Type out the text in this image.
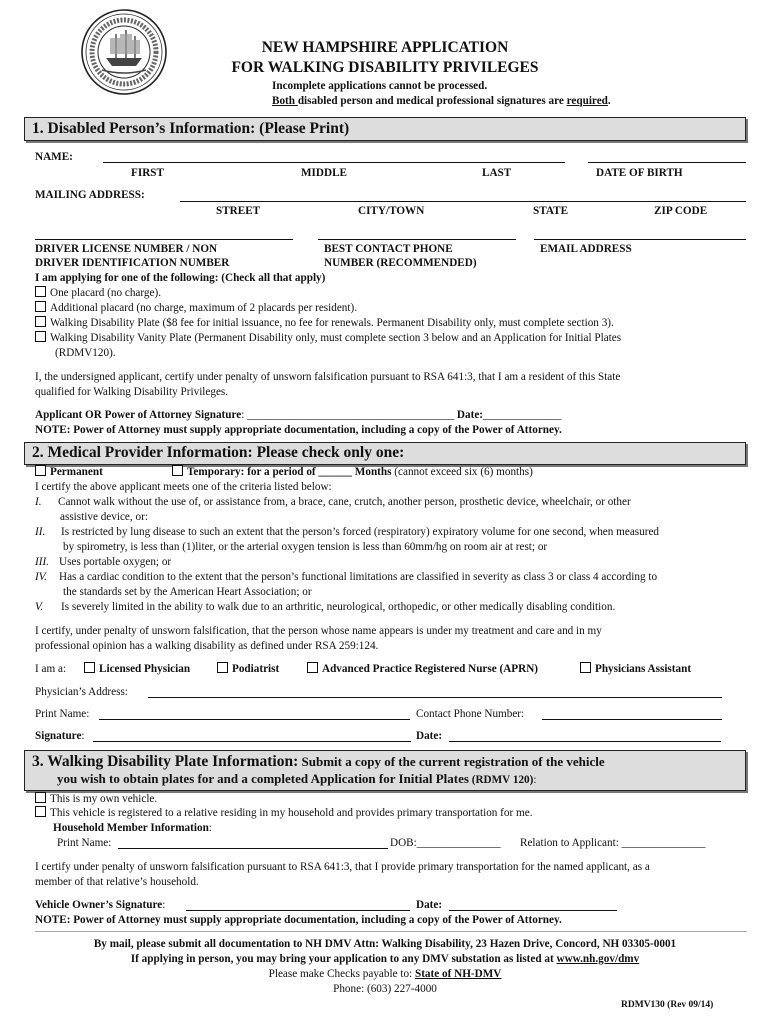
NEW HAMPSHIRE APPLICATION
FOR WALKING DISABILITY PRIVILEGES
Incomplete applications cannot be processed.
Both disabled person and medical professional signatures are required.
1. Disabled Person’s Information: (Please Print)
NAME:
FIRST	MIDDLE	LAST	DATE OF BIRTH
MAILING ADDRESS:
STREET	CITY/TOWN	STATE	ZIP CODE
DRIVER LICENSE NUMBER / NON
DRIVER IDENTIFICATION NUMBER
BEST CONTACT PHONE
NUMBER (RECOMMENDED)
EMAIL ADDRESS
I am applying for one of the following: (Check all that apply)
One placard (no charge).
Additional placard (no charge, maximum of 2 placards per resident).
Walking Disability Plate ($8 fee for initial issuance, no fee for renewals. Permanent Disability only, must complete section 3).
Walking Disability Vanity Plate (Permanent Disability only, must complete section 3 below and an Application for Initial Plates
(RDMV120).
I, the undersigned applicant, certify under penalty of unsworn falsification pursuant to RSA 641:3, that I am a resident of this State
qualified for Walking Disability Privileges.
Applicant OR Power of Attorney Signature: _____________________________________ Date:______________
NOTE: Power of Attorney must supply appropriate documentation, including a copy of the Power of Attorney.
2. Medical Provider Information: Please check only one:
Permanent	Temporary: for a period of ______ Months (cannot exceed six (6) months)
I certify the above applicant meets one of the criteria listed below:
I. Cannot walk without the use of, or assistance from, a brace, cane, crutch, another person, prosthetic device, wheelchair, or other
assistive device, or:
II. Is restricted by lung disease to such an extent that the person’s forced (respiratory) expiratory volume for one second, when measured
by spirometry, is less than (1)liter, or the arterial oxygen tension is less than 60mm/hg on room air at rest; or
III. Uses portable oxygen; or
IV. Has a cardiac condition to the extent that the person’s functional limitations are classified in severity as class 3 or class 4 according to
the standards set by the American Heart Association; or
V. Is severely limited in the ability to walk due to an arthritic, neurological, orthopedic, or other medically disabling condition.
I certify, under penalty of unsworn falsification, that the person whose name appears is under my treatment and care and in my
professional opinion has a walking disability as defined under RSA 259:124.
I am a:	Licensed Physician	Podiatrist	Advanced Practice Registered Nurse (APRN)	Physicians Assistant
Physician’s Address:
Print Name:	Contact Phone Number:
Signature:	Date:
3. Walking Disability Plate Information: Submit a copy of the current registration of the vehicle
you wish to obtain plates for and a completed Application for Initial Plates (RDMV 120):
This is my own vehicle.
This vehicle is registered to a relative residing in my household and provides primary transportation for me.
Household Member Information:
Print Name:	DOB:_______________ Relation to Applicant: _______________
I certify under penalty of unsworn falsification pursuant to RSA 641:3, that I provide primary transportation for the named applicant, as a
member of that relative’s household.
Vehicle Owner’s Signature:	Date:
NOTE: Power of Attorney must supply appropriate documentation, including a copy of the Power of Attorney.
By mail, please submit all documentation to NH DMV Attn: Walking Disability, 23 Hazen Drive, Concord, NH 03305-0001
If applying in person, you may bring your application to any DMV substation as listed at www.nh.gov/dmv
Please make Checks payable to: State of NH-DMV
Phone: (603) 227-4000
RDMV130 (Rev 09/14)
